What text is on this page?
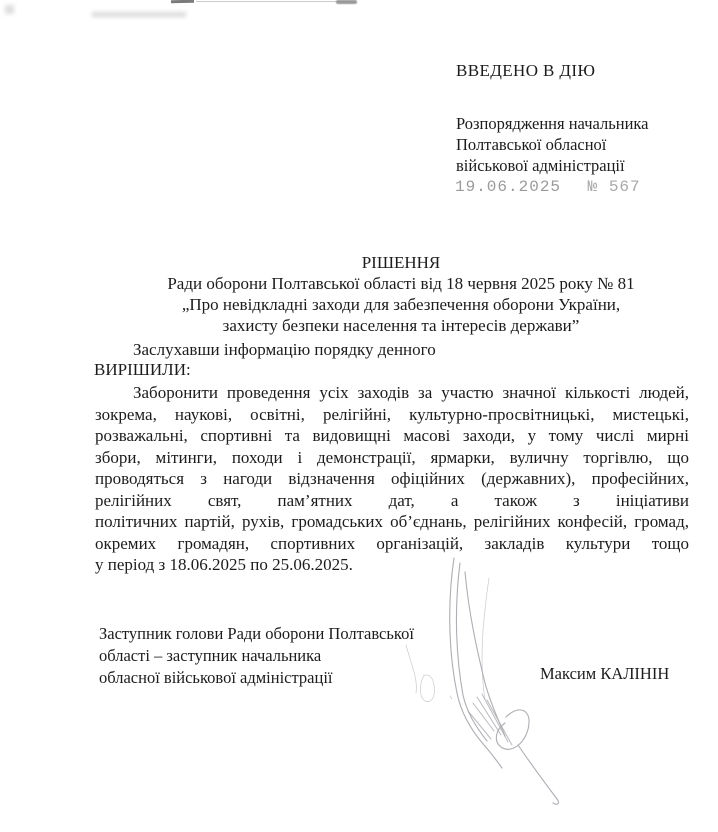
ВВЕДЕНО В ДІЮ
Розпорядження начальника
Полтавської обласної
військової адміністрації
19.06.2025 № 567
РІШЕННЯ
Ради оборони Полтавської області від 18 червня 2025 року № 81
„Про невідкладні заходи для забезпечення оборони України,
захисту безпеки населення та інтересів держави”
Заслухавши інформацію порядку денного
ВИРІШИЛИ:
Заборонити проведення усіх заходів за участю значної кількості людей,
зокрема, наукові, освітні, релігійні, культурно-просвітницькі, мистецькі,
розважальні, спортивні та видовищні масові заходи, у тому числі мирні
збори, мітинги, походи і демонстрації, ярмарки, вуличну торгівлю, що
проводяться з нагоди відзначення офіційних (державних), професійних,
релігійних свят, пам’ятних дат, а також з ініціативи
політичних партій, рухів, громадських об’єднань, релігійних конфесій, громад,
окремих громадян, спортивних організацій, закладів культури тощо
у період з 18.06.2025 по 25.06.2025.
Заступник голови Ради оборони Полтавської
області – заступник начальника
обласної військової адміністрації	Максим КАЛІНІН
